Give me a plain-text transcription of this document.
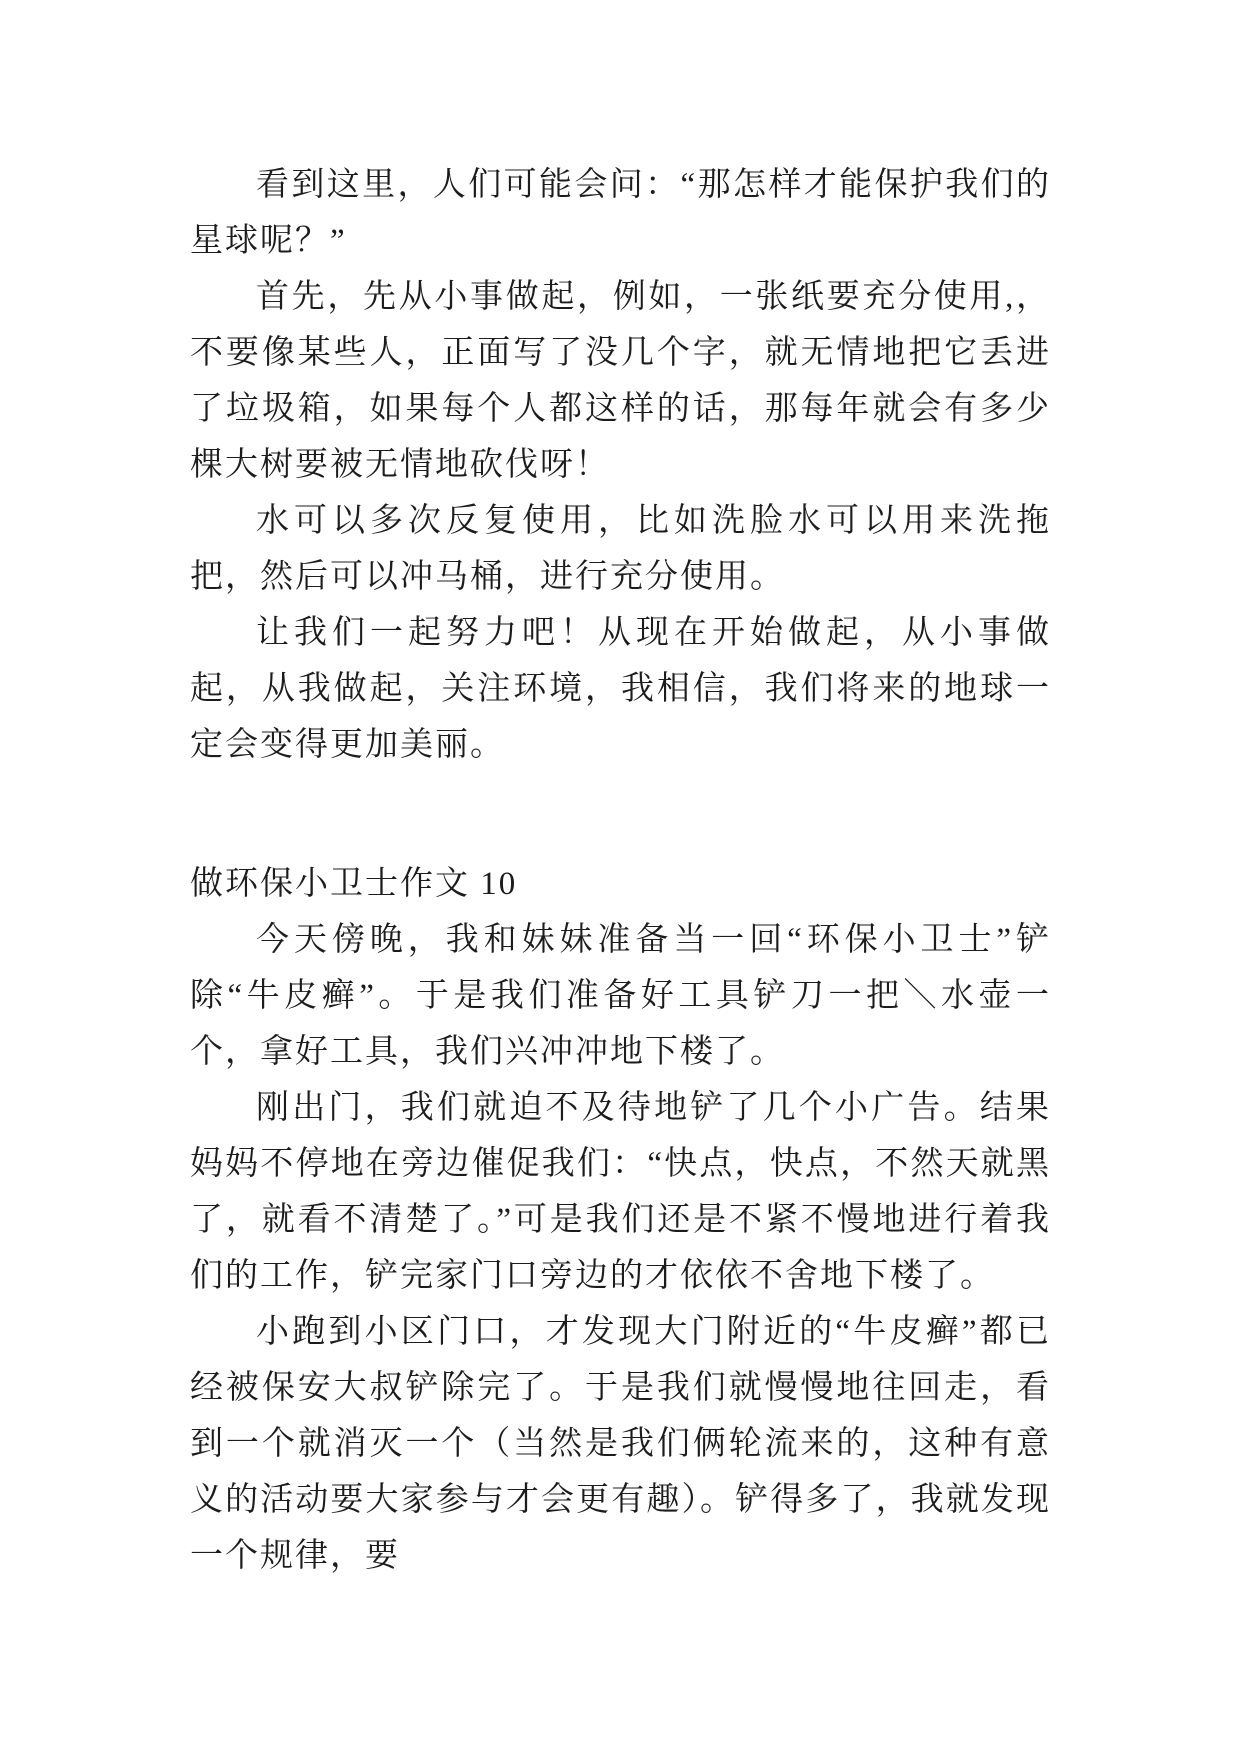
看到这里，人们可能会问：“那怎样才能保护我们的星球呢？”

首先，先从小事做起，例如，一张纸要充分使用,，不要像某些人，正面写了没几个字，就无情地把它丢进了垃圾箱，如果每个人都这样的话，那每年就会有多少棵大树要被无情地砍伐呀！

水可以多次反复使用，比如洗脸水可以用来洗拖把，然后可以冲马桶，进行充分使用。

让我们一起努力吧！从现在开始做起，从小事做起，从我做起，关注环境，我相信，我们将来的地球一定会变得更加美丽。

做环保小卫士作文 10

今天傍晚，我和妹妹准备当一回“环保小卫士”铲除“牛皮癣”。于是我们准备好工具铲刀一把＼水壶一个，拿好工具，我们兴冲冲地下楼了。

刚出门，我们就迫不及待地铲了几个小广告。结果妈妈不停地在旁边催促我们：“快点，快点，不然天就黑了，就看不清楚了。”可是我们还是不紧不慢地进行着我们的工作，铲完家门口旁边的才依依不舍地下楼了。

小跑到小区门口，才发现大门附近的“牛皮癣”都已经被保安大叔铲除完了。于是我们就慢慢地往回走，看到一个就消灭一个（当然是我们俩轮流来的，这种有意义的活动要大家参与才会更有趣）。铲得多了，我就发现一个规律，要
